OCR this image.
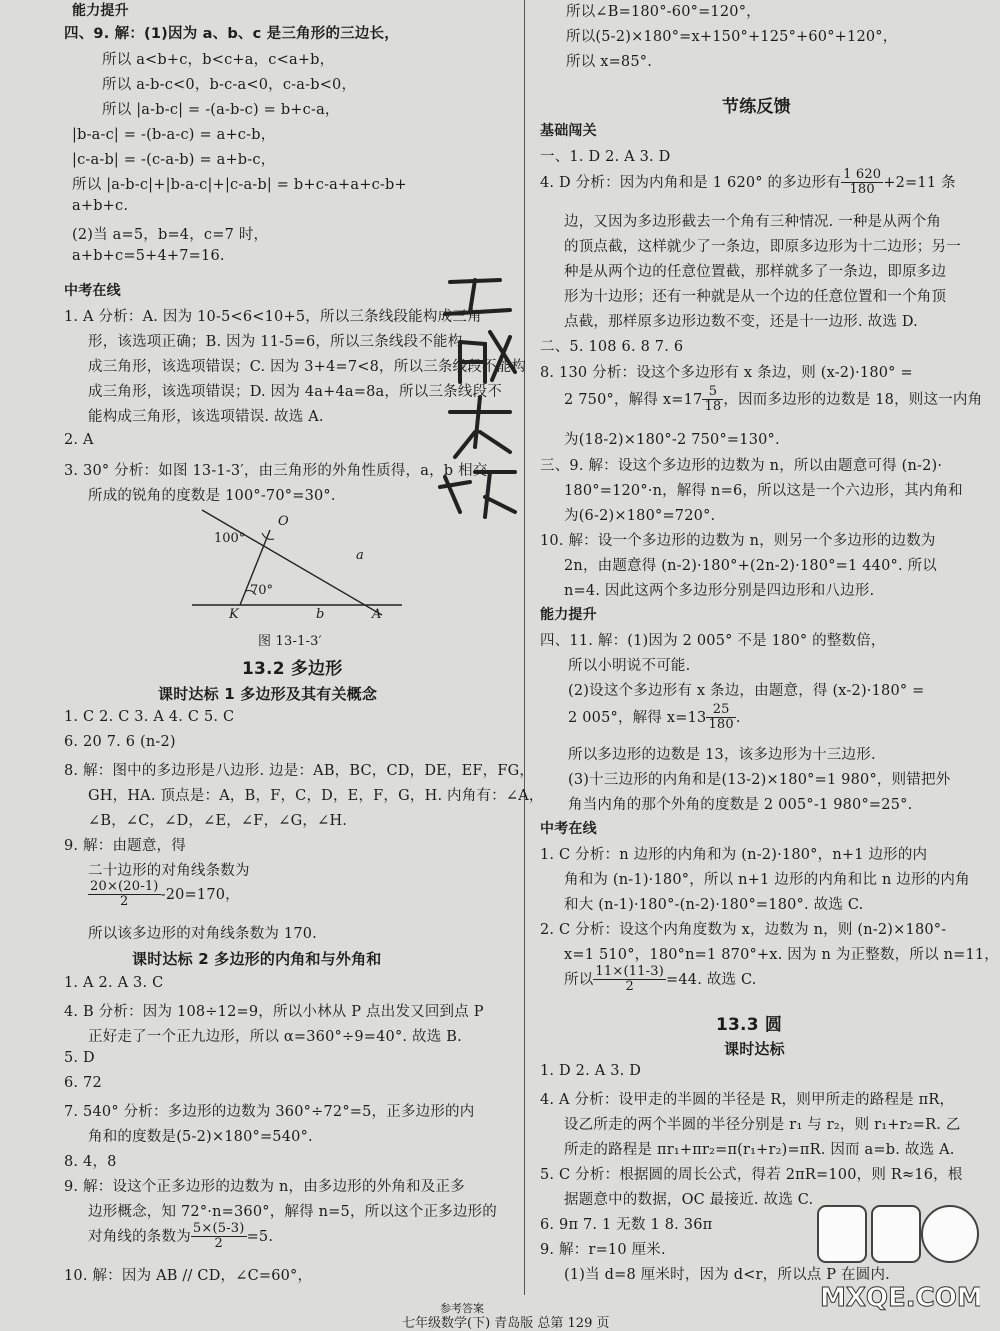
能力提升
四、9. 解：(1)因为 a、b、c 是三角形的三边长，
所以 a<b+c，b<c+a，c<a+b，
所以 a-b-c<0，b-c-a<0，c-a-b<0，
所以 |a-b-c| = -(a-b-c) = b+c-a，
|b-a-c| = -(b-a-c) = a+c-b，
|c-a-b| = -(c-a-b) = a+b-c，
所以 |a-b-c|+|b-a-c|+|c-a-b| = b+c-a+a+c-b+
a+b+c.
(2)当 a=5，b=4，c=7 时，
a+b+c=5+4+7=16.
中考在线
1. A 分析：A. 因为 10-5<6<10+5，所以三条线段能构成三角
形，该选项正确；B. 因为 11-5=6，所以三条线段不能构
成三角形，该选项错误；C. 因为 3+4=7<8，所以三条线段不能构
成三角形，该选项错误；D. 因为 4a+4a=8a，所以三条线段不
能构成三角形，该选项错误. 故选 A.
2. A
3. 30° 分析：如图 13-1-3′，由三角形的外角性质得，a，b 相交
所成的锐角的度数是 100°-70°=30°.
O
100°
a
70°
K	b	A
图 13-1-3′
13.2 多边形
课时达标 1 多边形及其有关概念
1. C 2. C 3. A 4. C 5. C
6. 20 7. 6 (n-2)
8. 解：图中的多边形是八边形. 边是：AB，BC，CD，DE，EF，FG，
GH，HA. 顶点是：A，B，F，C，D，E，F，G，H. 内角有：∠A，
∠B，∠C，∠D，∠E，∠F，∠G，∠H.
9. 解：由题意，得
二十边形的对角线条数为
$\frac{20\times(20-1)}{2} -20=170$，
所以该多边形的对角线条数为 170.
课时达标 2 多边形的内角和与外角和
1. A 2. A 3. C
4. B 分析：因为 108÷12=9，所以小林从 P 点出发又回到点 P
正好走了一个正九边形，所以 α=360°÷9=40°. 故选 B.
5. D
6. 72
7. 540° 分析：多边形的边数为 360°÷72°=5，正多边形的内
角和的度数是(5-2)×180°=540°.
8. 4，8
9. 解：设这个正多边形的边数为 n，由多边形的外角和及正多
边形概念，知 72°·n=360°，解得 n=5，所以这个正多边形的
对角线的条数为 $\frac{5\times(5-3)}{2} =5$.
10. 解：因为 AB // CD，∠C=60°，
所以∠B=180°-60°=120°，
所以(5-2)×180°=x+150°+125°+60°+120°，
所以 x=85°.
节练反馈
基础闯关
一、1. D 2. A 3. D
4. D 分析：因为内角和是 1 620° 的多边形有 $\frac{1 620}{180} +2=11$ 条
边，又因为多边形截去一个角有三种情况. 一种是从两个角
的顶点截，这样就少了一条边，即原多边形为十二边形；另一
种是从两个边的任意位置截，那样就多了一条边，即原多边
形为十边形；还有一种就是从一个边的任意位置和一个角顶
点截，那样原多边形边数不变，还是十一边形. 故选 D.
二、5. 108 6. 8 7. 6
8. 130 分析：设这个多边形有 x 条边，则 (x-2)·180° =
2 750°，解得 $x=17 \frac{5}{18}$ ，因而多边形的边数是 18，则这一内角
为(18-2)×180°-2 750°=130°.
三、9. 解：设这个多边形的边数为 n，所以由题意可得 (n-2)·
180°=120°·n，解得 n=6，所以这是一个六边形，其内角和
为(6-2)×180°=720°.
10. 解：设一个多边形的边数为 n，则另一个多边形的边数为
2n，由题意得 (n-2)·180°+(2n-2)·180°=1 440°. 所以
n=4. 因此这两个多边形分别是四边形和八边形.
能力提升
四、11. 解：(1)因为 2 005° 不是 180° 的整数倍，
所以小明说不可能.
(2)设这个多边形有 x 条边，由题意，得 (x-2)·180° =
2 005°，解得 $x=13 \frac{25}{180}$ .
所以多边形的边数是 13，该多边形为十三边形.
(3)十三边形的内角和是(13-2)×180°=1 980°，则错把外
角当内角的那个外角的度数是 2 005°-1 980°=25°.
中考在线
1. C 分析：n 边形的内角和为 (n-2)·180°，n+1 边形的内
角和为 (n-1)·180°，所以 n+1 边形的内角和比 n 边形的内角
和大 (n-1)·180°-(n-2)·180°=180°. 故选 C.
2. C 分析：设这个内角度数为 x，边数为 n，则 (n-2)×180°-
x=1 510°，180°n=1 870°+x. 因为 n 为正整数，所以 n=11，
所以 $\frac{11\times(11-3)}{2} =44$. 故选 C.
13.3 圆
课时达标
1. D 2. A 3. D
4. A 分析：设甲走的半圆的半径是 R，则甲所走的路程是 πR，
设乙所走的两个半圆的半径分别是 r₁ 与 r₂，则 r₁+r₂=R. 乙
所走的路程是 πr₁+πr₂=π(r₁+r₂)=πR. 因而 a=b. 故选 A.
5. C 分析：根据圆的周长公式，得若 2πR=100，则 R≈16，根
据题意中的数据，OC 最接近. 故选 C.
6. 9π 7. 1 无数 1 8. 36π
9. 解：r=10 厘米.
(1)当 d=8 厘米时，因为 d<r，所以点 P 在圆内.
MXQE.COM
参考答案
七年级数学(下) 青岛版 总第 129 页
